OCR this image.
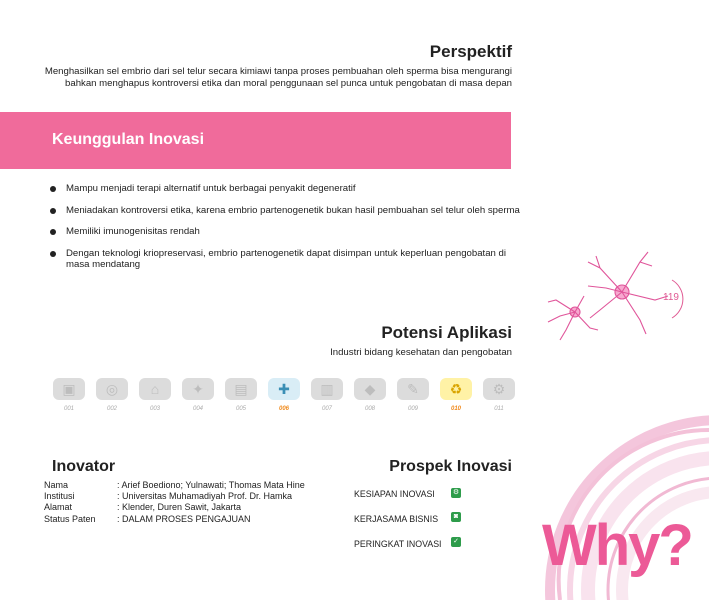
Perspektif
Menghasilkan sel embrio dari sel telur secara kimiawi tanpa proses pembuahan oleh sperma bisa mengurangi bahkan menghapus kontroversi etika dan moral penggunaan sel punca untuk pengobatan di masa depan
Keunggulan Inovasi
Mampu menjadi terapi alternatif untuk berbagai penyakit degeneratif
Meniadakan kontroversi etika, karena embrio partenogenetik bukan hasil pembuahan sel telur oleh sperma
Memiliki imunogenisitas rendah
Dengan teknologi kriopreservasi, embrio partenogenetik dapat disimpan untuk keperluan pengobatan di masa mendatang
119
Potensi Aplikasi
Industri bidang kesehatan dan pengobatan
▣
001
◎
002
⌂
003
✦
004
▤
005
✚
006
▥
007
◆
008
✎
009
♻
010
⚙
011
Inovator
Nama	: Arief Boediono; Yulnawati; Thomas Mata Hine
Institusi	: Universitas Muhamadiyah Prof. Dr. Hamka
Alamat	: Klender, Duren Sawit, Jakarta
Status Paten	: DALAM PROSES PENGAJUAN
Prospek Inovasi
KESIAPAN INOVASI	⚙
KERJASAMA BISNIS	◙
PERINGKAT INOVASI ✓ Why?
